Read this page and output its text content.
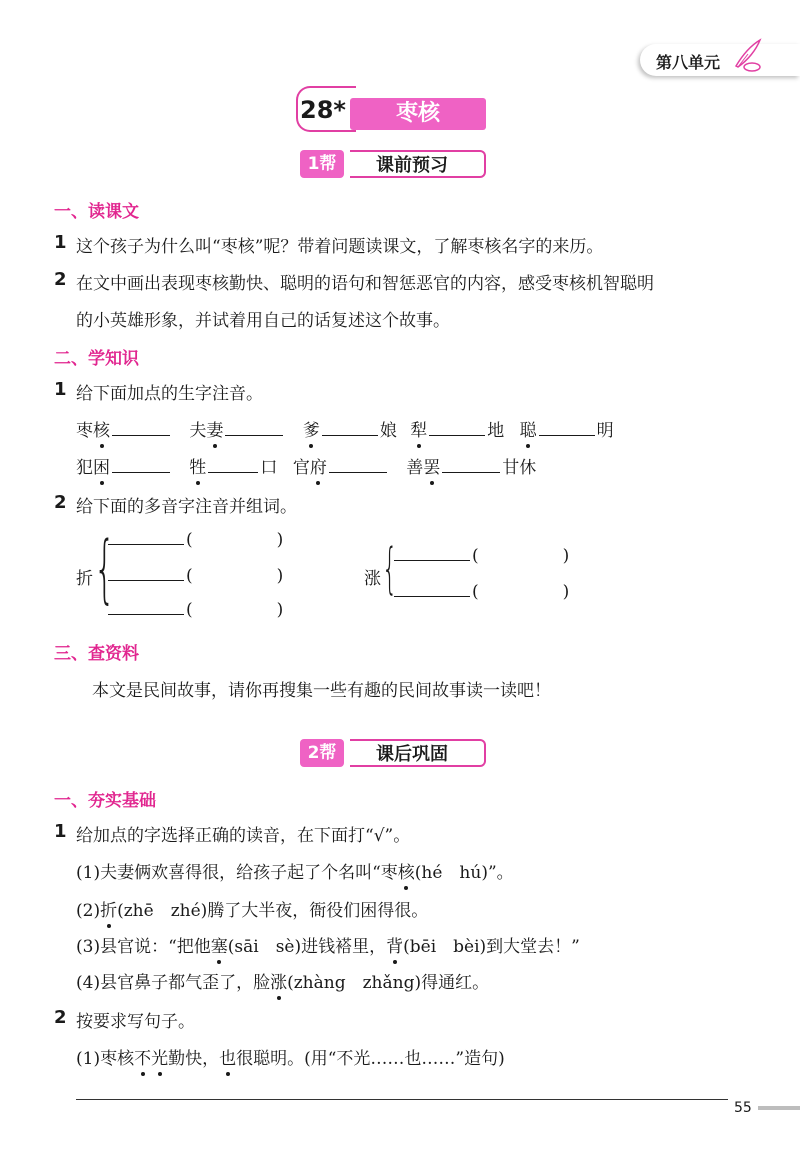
第八单元
28*	枣核
1帮	课前预习
一、读课文
1 这个孩子为什么叫“枣核”呢？带着问题读课文，了解枣核名字的来历。
2 在文中画出表现枣核勤快、聪明的语句和智惩恶官的内容，感受枣核机智聪明
的小英雄形象，并试着用自己的话复述这个故事。
二、学知识
1 给下面加点的生字注音。
枣核	夫妻	爹	娘 犁	地 聪	明
犯困	牲	口 官府	善罢	甘休
2 给下面的多音字注音并组词。
折 {	(	)
(	)
(	)
涨 {	(	)
(	)
三、查资料
本文是民间故事，请你再搜集一些有趣的民间故事读一读吧！
2帮	课后巩固
一、夯实基础
1 给加点的字选择正确的读音，在下面打“√”。
(1)夫妻俩欢喜得很，给孩子起了个名叫“枣核(hé　hú)”。
(2)折(zhē　zhé)腾了大半夜，衙役们困得很。
(3)县官说：“把他塞(sāi　sè)进钱褡里，背(bēi　bèi)到大堂去！”
(4)县官鼻子都气歪了，脸涨(zhàng　zhǎng)得通红。
2 按要求写句子。
(1)枣核不光勤快，也很聪明。(用“不光……也……”造句)
55
